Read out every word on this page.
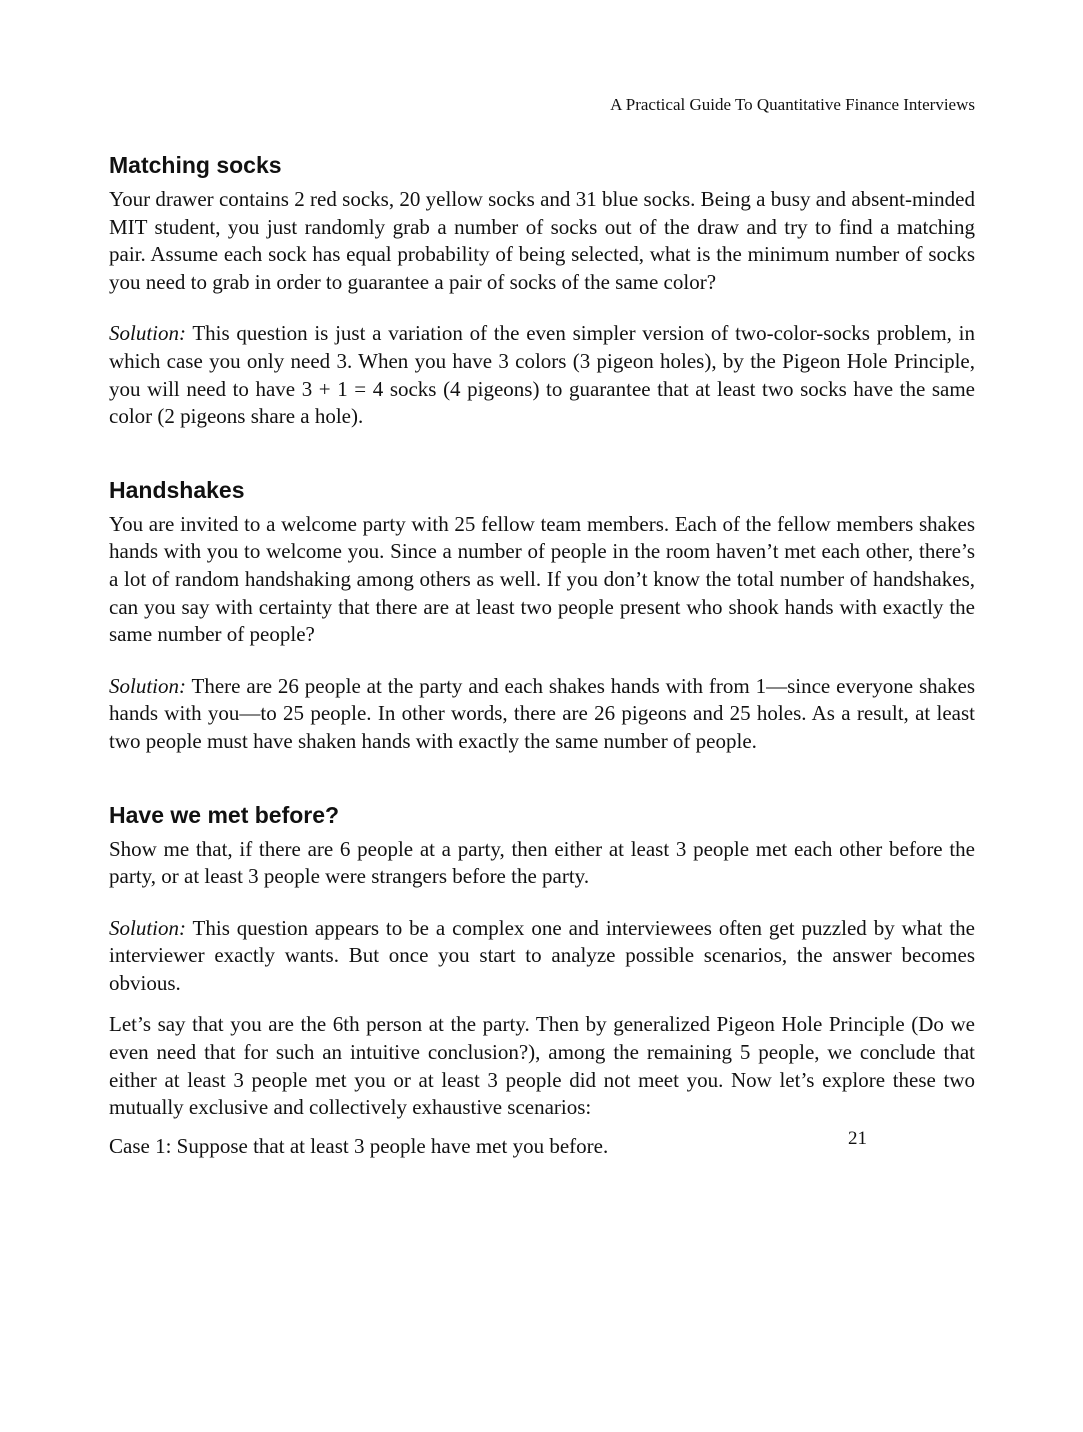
A Practical Guide To Quantitative Finance Interviews
Matching socks

Your drawer contains 2 red socks, 20 yellow socks and 31 blue socks. Being a busy and absent-minded MIT student, you just randomly grab a number of socks out of the draw and try to find a matching pair. Assume each sock has equal probability of being selected, what is the minimum number of socks you need to grab in order to guarantee a pair of socks of the same color?

Solution: This question is just a variation of the even simpler version of two-color-socks problem, in which case you only need 3. When you have 3 colors (3 pigeon holes), by the Pigeon Hole Principle, you will need to have 3 + 1 = 4 socks (4 pigeons) to guarantee that at least two socks have the same color (2 pigeons share a hole).

Handshakes

You are invited to a welcome party with 25 fellow team members. Each of the fellow members shakes hands with you to welcome you. Since a number of people in the room haven’t met each other, there’s a lot of random handshaking among others as well. If you don’t know the total number of handshakes, can you say with certainty that there are at least two people present who shook hands with exactly the same number of people?

Solution: There are 26 people at the party and each shakes hands with from 1—since everyone shakes hands with you—to 25 people. In other words, there are 26 pigeons and 25 holes. As a result, at least two people must have shaken hands with exactly the same number of people.

Have we met before?

Show me that, if there are 6 people at a party, then either at least 3 people met each other before the party, or at least 3 people were strangers before the party.

Solution: This question appears to be a complex one and interviewees often get puzzled by what the interviewer exactly wants. But once you start to analyze possible scenarios, the answer becomes obvious.

Let’s say that you are the 6th person at the party. Then by generalized Pigeon Hole Principle (Do we even need that for such an intuitive conclusion?), among the remaining 5 people, we conclude that either at least 3 people met you or at least 3 people did not meet you. Now let’s explore these two mutually exclusive and collectively exhaustive scenarios:

Case 1: Suppose that at least 3 people have met you before.	21
